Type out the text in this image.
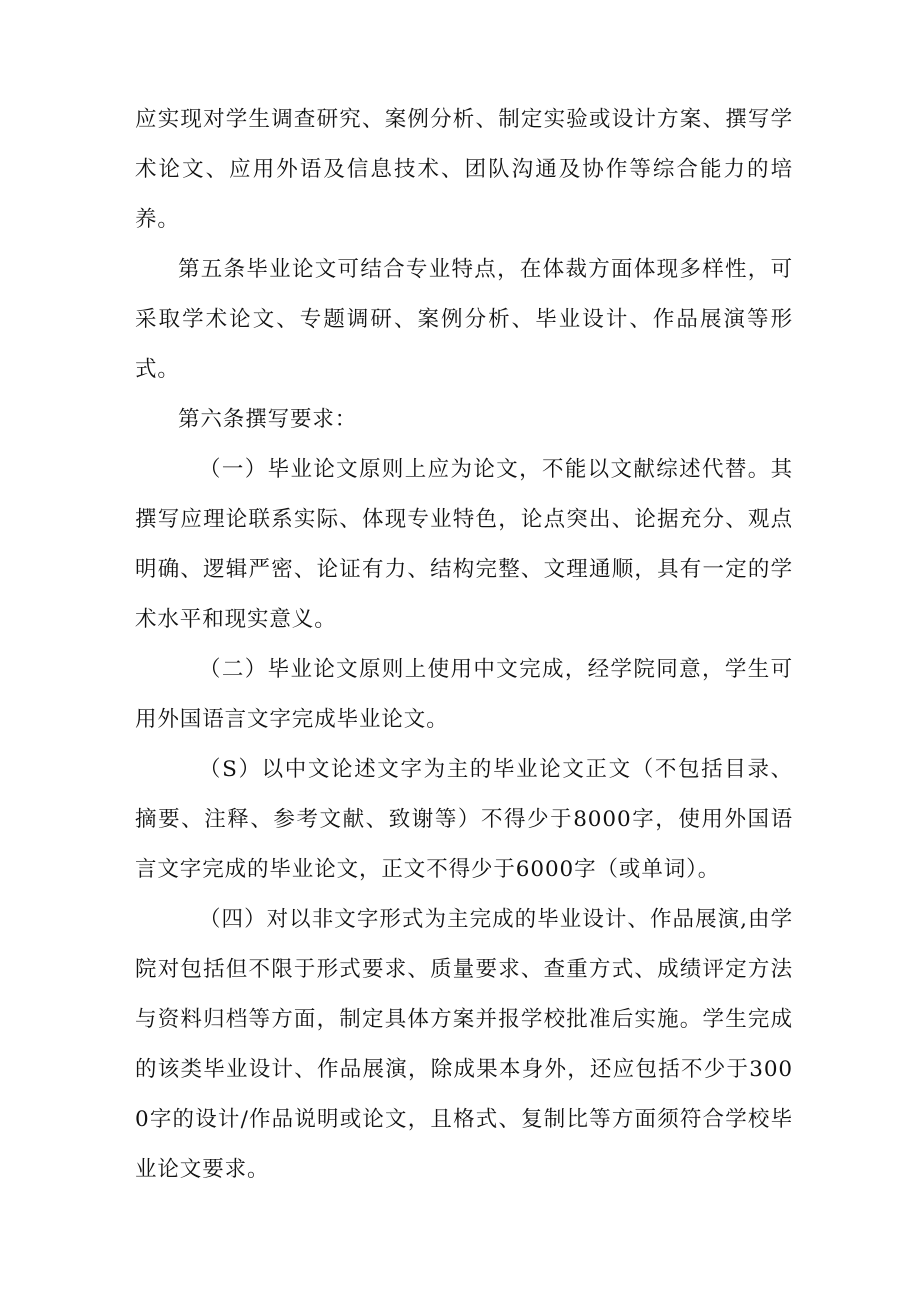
应实现对学生调查研究、案例分析、制定实验或设计方案、撰写学术论文、应用外语及信息技术、团队沟通及协作等综合能力的培养。

第五条毕业论文可结合专业特点，在体裁方面体现多样性，可采取学术论文、专题调研、案例分析、毕业设计、作品展演等形式。

第六条撰写要求：

（一）毕业论文原则上应为论文，不能以文献综述代替。其撰写应理论联系实际、体现专业特色，论点突出、论据充分、观点明确、逻辑严密、论证有力、结构完整、文理通顺，具有一定的学术水平和现实意义。

（二）毕业论文原则上使用中文完成，经学院同意，学生可用外国语言文字完成毕业论文。

（S）以中文论述文字为主的毕业论文正文（不包括目录、摘要、注释、参考文献、致谢等）不得少于8000字，使用外国语言文字完成的毕业论文，正文不得少于6000字（或单词）。

（四）对以非文字形式为主完成的毕业设计、作品展演,由学院对包括但不限于形式要求、质量要求、查重方式、成绩评定方法与资料归档等方面，制定具体方案并报学校批准后实施。学生完成的该类毕业设计、作品展演，除成果本身外，还应包括不少于3000字的设计/作品说明或论文，且格式、复制比等方面须符合学校毕业论文要求。
